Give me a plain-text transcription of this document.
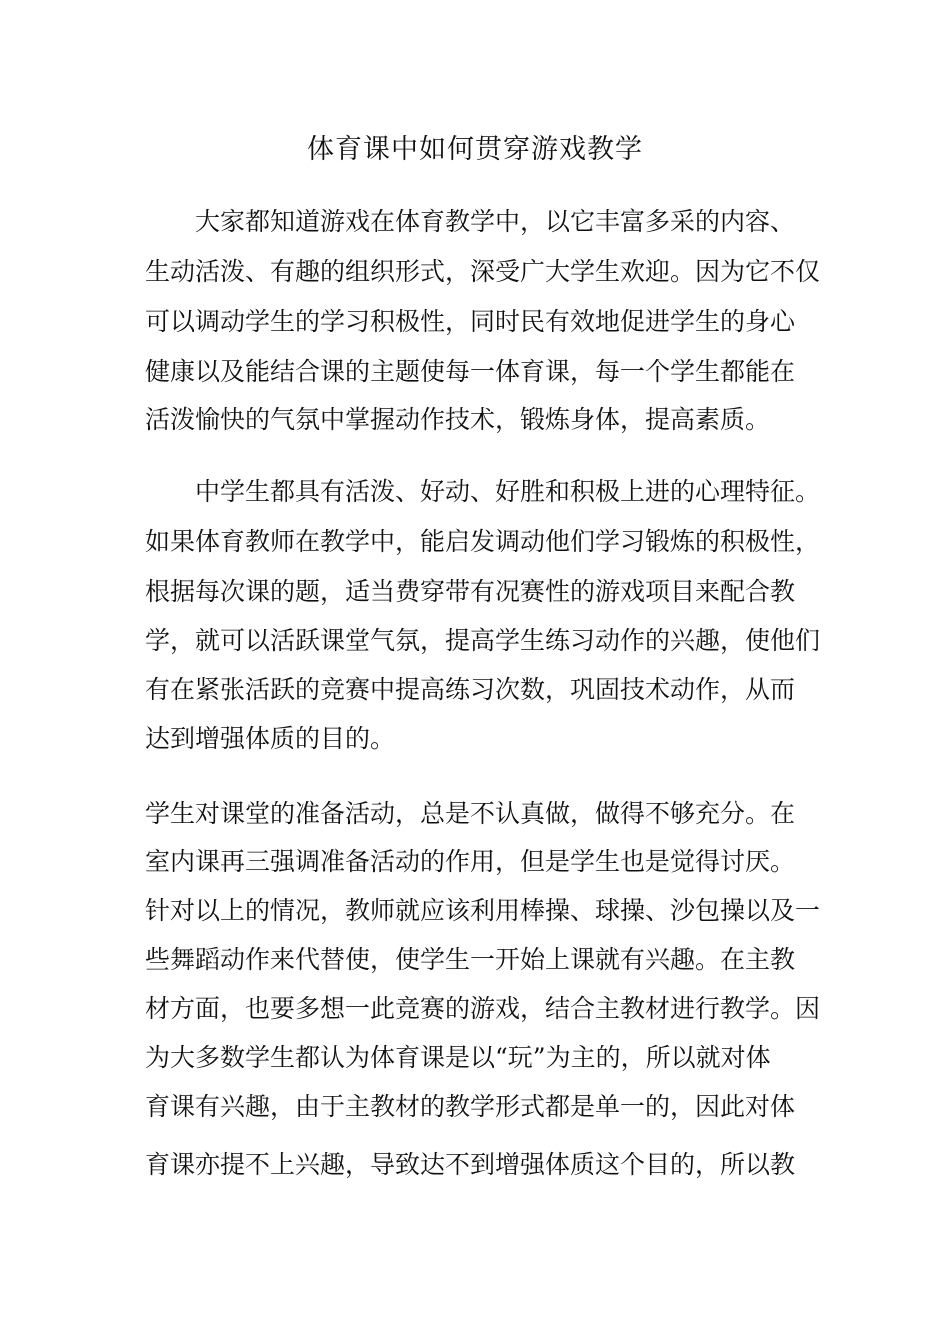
体育课中如何贯穿游戏教学
　　大家都知道游戏在体育教学中，以它丰富多采的内容、
生动活泼、有趣的组织形式，深受广大学生欢迎。因为它不仅
可以调动学生的学习积极性，同时民有效地促进学生的身心
健康以及能结合课的主题使每一体育课，每一个学生都能在
活泼愉快的气氛中掌握动作技术，锻炼身体，提高素质。
　　中学生都具有活泼、好动、好胜和积极上进的心理特征。
如果体育教师在教学中，能启发调动他们学习锻炼的积极性，
根据每次课的题，适当费穿带有况赛性的游戏项目来配合教
学，就可以活跃课堂气氛，提高学生练习动作的兴趣，使他们
有在紧张活跃的竞赛中提高练习次数，巩固技术动作，从而
达到增强体质的目的。
学生对课堂的准备活动，总是不认真做，做得不够充分。在
室内课再三强调准备活动的作用，但是学生也是觉得讨厌。
针对以上的情况，教师就应该利用棒操、球操、沙包操以及一
些舞蹈动作来代替使，使学生一开始上课就有兴趣。在主教
材方面，也要多想一此竞赛的游戏，结合主教材进行教学。因
为大多数学生都认为体育课是以“玩”为主的，所以就对体
育课有兴趣，由于主教材的教学形式都是单一的，因此对体
育课亦提不上兴趣，导致达不到增强体质这个目的，所以教
